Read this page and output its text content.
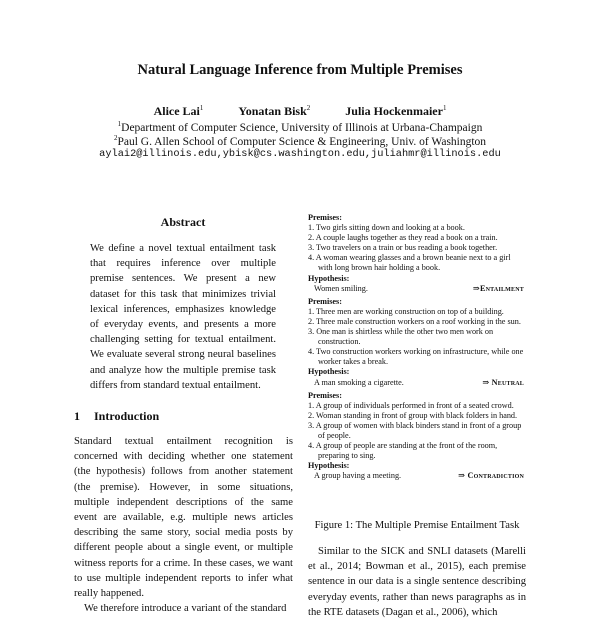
Natural Language Inference from Multiple Premises
Alice Lai$^1$	Yonatan Bisk$^2$	Julia Hockenmaier$^1$
$^1$Department of Computer Science, University of Illinois at Urbana-Champaign
$^2$Paul G. Allen School of Computer Science & Engineering, Univ. of Washington
aylai2@illinois.edu,ybisk@cs.washington.edu,juliahmr@illinois.edu
Abstract
We define a novel textual entailment task that requires inference over multiple premise sentences. We present a new dataset for this task that minimizes trivial lexical inferences, emphasizes knowledge of everyday events, and presents a more challenging setting for textual entailment. We evaluate several strong neural baselines and analyze how the multiple premise task differs from standard textual entailment.
1 Introduction

Standard textual entailment recognition is concerned with deciding whether one statement (the hypothesis) follows from another statement (the premise). However, in some situations, multiple independent descriptions of the same event are available, e.g. multiple news articles describing the same story, social media posts by different people about a single event, or multiple witness reports for a crime. In these cases, we want to use multiple independent reports to infer what really happened.

We therefore introduce a variant of the standard

Premises:
1. Two girls sitting down and looking at a book.
2. A couple laughs together as they read a book on a train.
3. Two travelers on a train or bus reading a book together.
4. A woman wearing glasses and a brown beanie next to a girl with long brown hair holding a book.
Hypothesis:
Women smiling.	⇒Entailment
Premises:
1. Three men are working construction on top of a building.
2. Three male construction workers on a roof working in the sun.
3. One man is shirtless while the other two men work on construction.
4. Two construction workers working on infrastructure, while one worker takes a break.
Hypothesis:
A man smoking a cigarette.	⇒ Neutral
Premises:
1. A group of individuals performed in front of a seated crowd.
2. Woman standing in front of group with black folders in hand.
3. A group of women with black binders stand in front of a group of people.
4. A group of people are standing at the front of the room, preparing to sing.
Hypothesis:
A group having a meeting.	⇒ Contradiction
Figure 1: The Multiple Premise Entailment Task

Similar to the SICK and SNLI datasets (Marelli et al., 2014; Bowman et al., 2015), each premise sentence in our data is a single sentence describing everyday events, rather than news paragraphs as in the RTE datasets (Dagan et al., 2006), which
